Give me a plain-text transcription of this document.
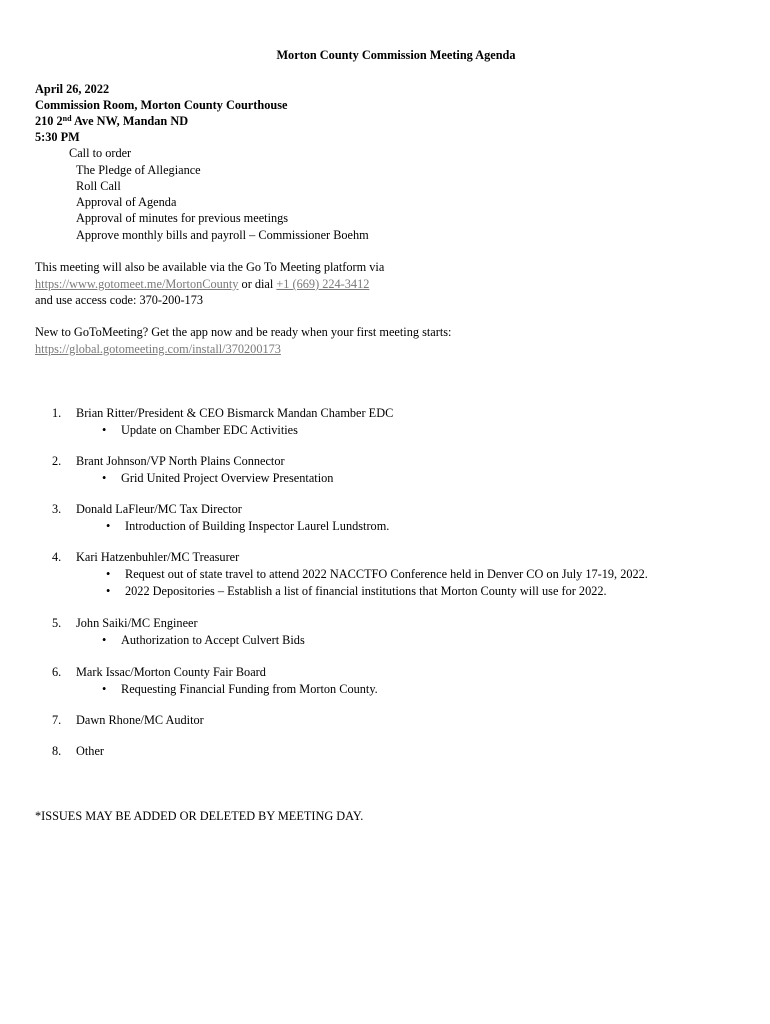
Morton County Commission Meeting Agenda
April 26, 2022
Commission Room, Morton County Courthouse
210 2nd Ave NW, Mandan ND
5:30 PM
Call to order
The Pledge of Allegiance
Roll Call
Approval of Agenda
Approval of minutes for previous meetings
Approve monthly bills and payroll – Commissioner Boehm
This meeting will also be available via the Go To Meeting platform via
https://www.gotomeet.me/MortonCounty or dial +1 (669) 224-3412
and use access code: 370-200-173
New to GoToMeeting? Get the app now and be ready when your first meeting starts:
https://global.gotomeeting.com/install/370200173
1. Brian Ritter/President & CEO Bismarck Mandan Chamber EDC
• Update on Chamber EDC Activities
2. Brant Johnson/VP North Plains Connector
• Grid United Project Overview Presentation
3. Donald LaFleur/MC Tax Director
• Introduction of Building Inspector Laurel Lundstrom.
4. Kari Hatzenbuhler/MC Treasurer
• Request out of state travel to attend 2022 NACCTFO Conference held in Denver CO on July 17-19, 2022.
• 2022 Depositories – Establish a list of financial institutions that Morton County will use for 2022.
5. John Saiki/MC Engineer
• Authorization to Accept Culvert Bids
6. Mark Issac/Morton County Fair Board
• Requesting Financial Funding from Morton County.
7. Dawn Rhone/MC Auditor
8. Other
*ISSUES MAY BE ADDED OR DELETED BY MEETING DAY.
